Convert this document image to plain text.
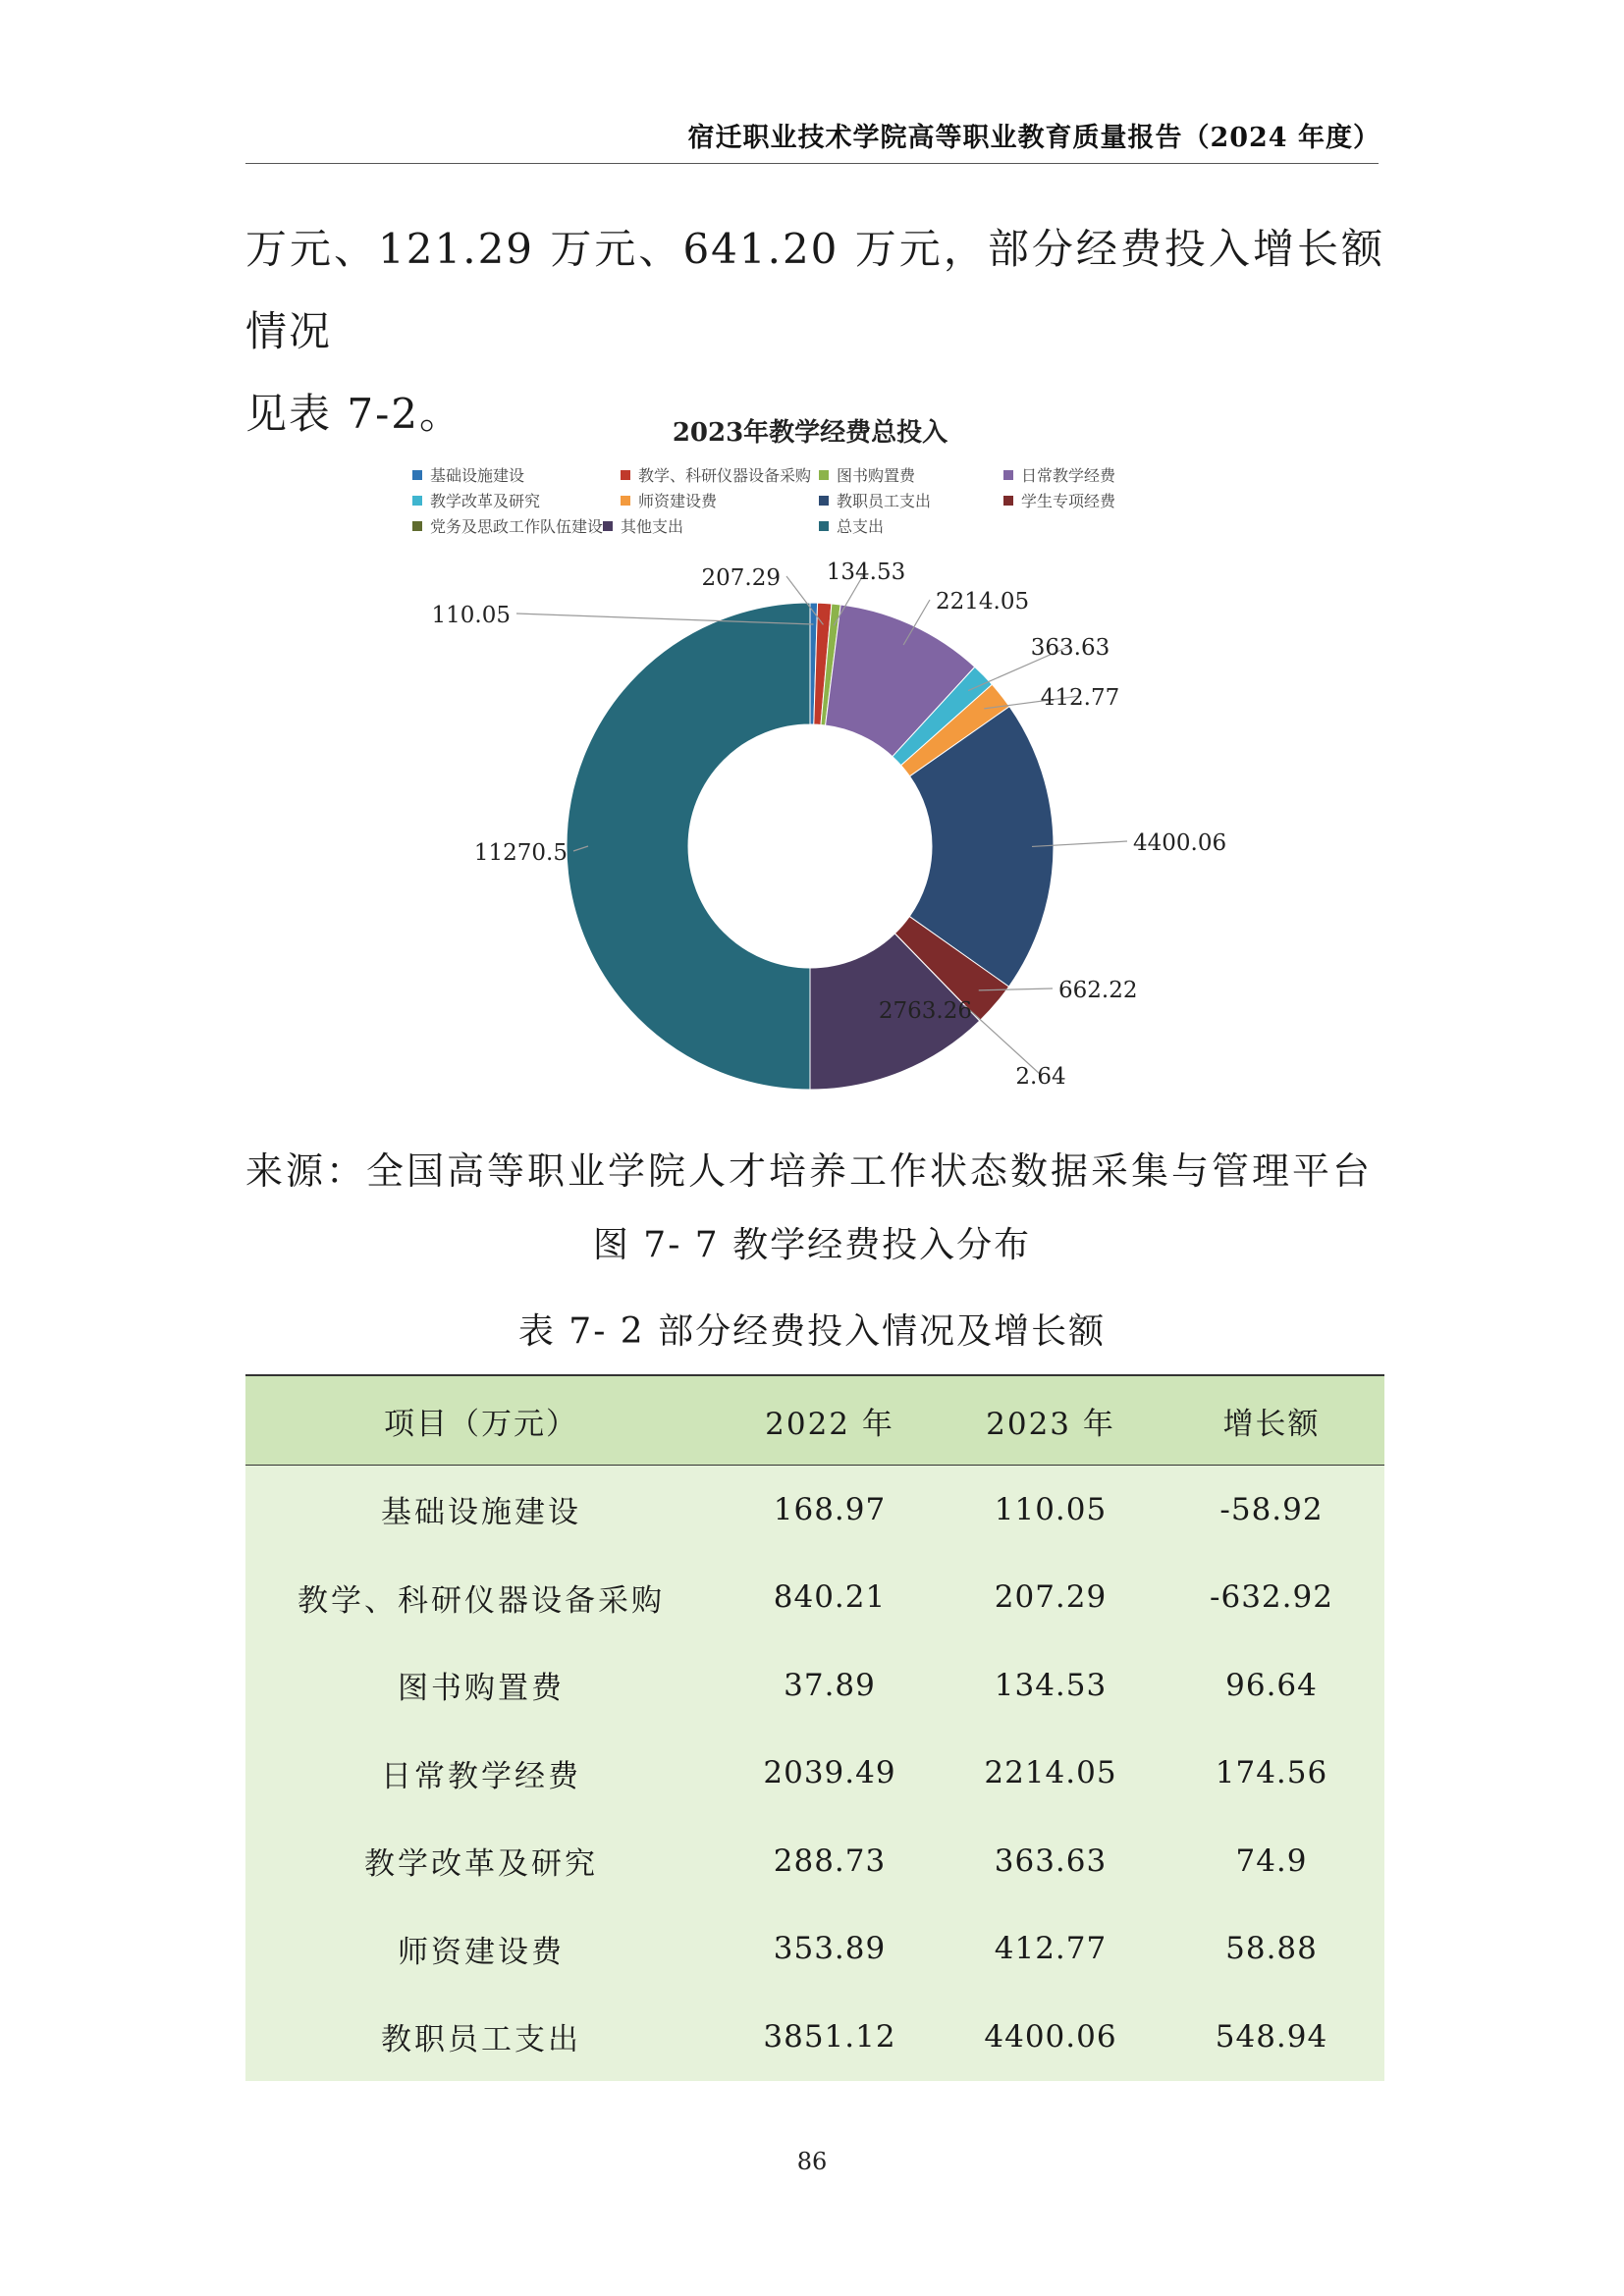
宿迁职业技术学院高等职业教育质量报告（2024 年度）
万元、121.29 万元、641.20 万元，部分经费投入增长额情况
见表 7-2。
110.05
207.29 134.53
2214.05
363.63
412.77
4400.06
662.22
2.64
2763.26
11270.5
2023年教学经费总投入
基础设施建设	教学、科研仪器设备采购 图书购置费	日常教学经费
教学改革及研究	师资建设费	教职员工支出	学生专项经费
党务及思政工作队伍建设 其他支出	总支出
来源：全国高等职业学院人才培养工作状态数据采集与管理平台
图 7- 7 教学经费投入分布
表 7- 2 部分经费投入情况及增长额
项目（万元）	2022 年	2023 年	增长额
基础设施建设	168.97	110.05	-58.92
教学、科研仪器设备采购	840.21	207.29	-632.92
图书购置费	37.89	134.53	96.64
日常教学经费	2039.49	2214.05	174.56
教学改革及研究	288.73	363.63	74.9
师资建设费	353.89	412.77	58.88
教职员工支出	3851.12	4400.06	548.94
86
